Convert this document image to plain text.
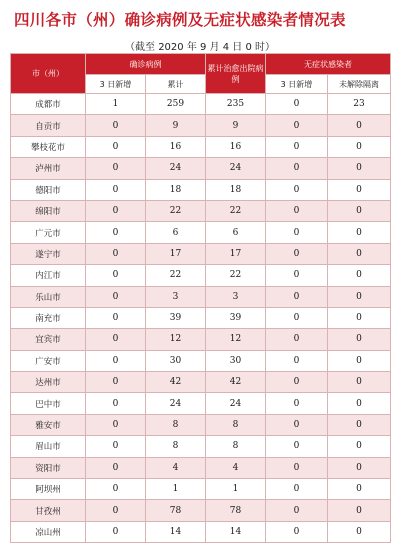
四川各市（州）确诊病例及无症状感染者情况表
（截至 2020 年 9 月 4 日 0 时）
市（州）	确诊病例		累计治愈出院病例	无症状感染者	
	3 日新增	累计		3 日新增	未解除隔离
成都市	1	259	235	0	23
自贡市	0	9	9	0	0
攀枝花市	0	16	16	0	0
泸州市	0	24	24	0	0
德阳市	0	18	18	0	0
绵阳市	0	22	22	0	0
广元市	0	6	6	0	0
遂宁市	0	17	17	0	0
内江市	0	22	22	0	0
乐山市	0	3	3	0	0
南充市	0	39	39	0	0
宜宾市	0	12	12	0	0
广安市	0	30	30	0	0
达州市	0	42	42	0	0
巴中市	0	24	24	0	0
雅安市	0	8	8	0	0
眉山市	0	8	8	0	0
资阳市	0	4	4	0	0
阿坝州	0	1	1	0	0
甘孜州	0	78	78	0	0
凉山州	0	14	14	0	0
